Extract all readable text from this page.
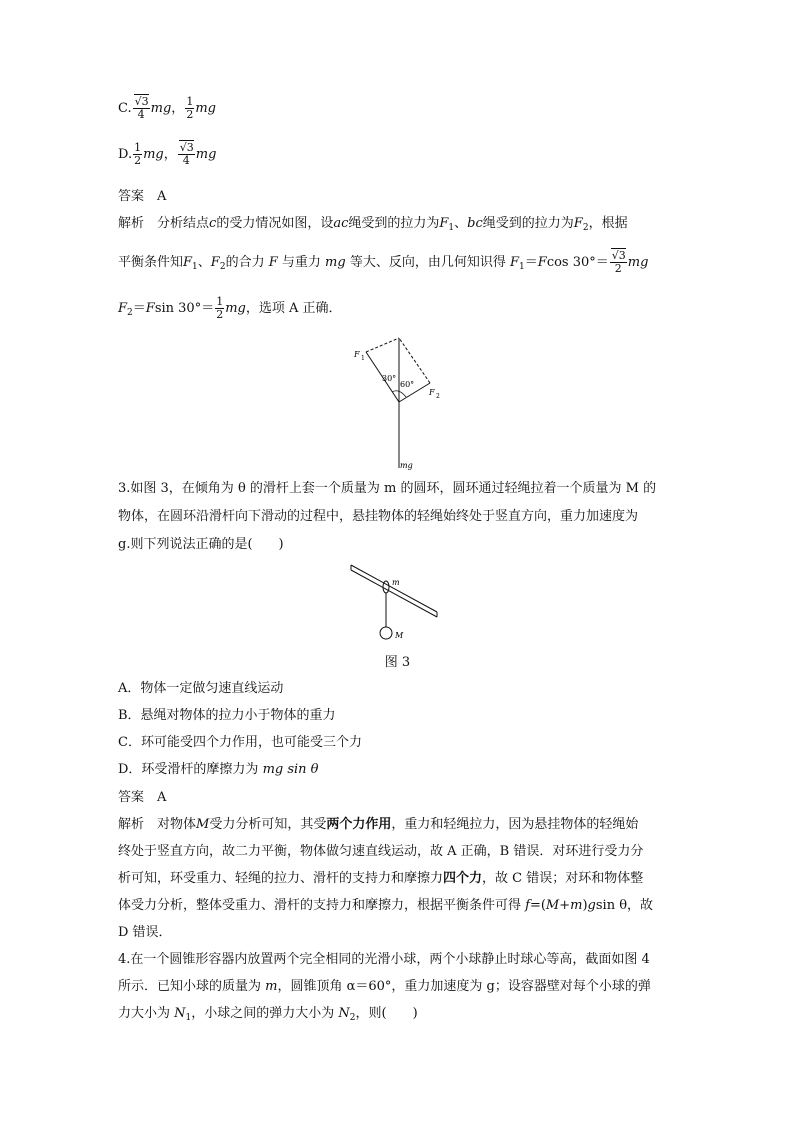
C. $\frac{√3}{4}$ mg， $\frac{1}{2}$ mg
D. $\frac{1}{2}$ mg， $\frac{√3}{4}$ mg
答案　 A
解析　 分析结点c的受力情况如图，设ac绳受到的拉力为$F_1$、bc绳受到的拉力为$F_2$，根据
平衡条件知$F_1$、$F_2$的合力 F 与重力 mg 等大、反向，由几何知识得 $F_1=Fcos$ $30^\circ= \frac{√3}{2}$ mg
$F_2=Fsin$ $30^\circ= \frac{1}{2}$ mg，选项 A 正确．
F 1
F 2
30°
60°
mg
3.如图 3，在倾角为 θ 的滑杆上套一个质量为 m 的圆环，圆环通过轻绳拉着一个质量为 M 的
物体，在圆环沿滑杆向下滑动的过程中，悬挂物体的轻绳始终处于竖直方向，重力加速度为
g.则下列说法正确的是(　　)
m
M
图 3
A．物体一定做匀速直线运动
B．悬绳对物体的拉力小于物体的重力
C．环可能受四个力作用，也可能受三个力
D．环受滑杆的摩擦力为 mg sin θ
答案　 A
解析　 对物体M受力分析可知，其受两个力作用，重力和轻绳拉力，因为悬挂物体的轻绳始
终处于竖直方向，故二力平衡，物体做匀速直线运动，故 A 正确，B 错误．对环进行受力分
析可知，环受重力、轻绳的拉力、滑杆的支持力和摩擦力四个力，故 C 错误；对环和物体整
体受力分析，整体受重力、滑杆的支持力和摩擦力，根据平衡条件可得 f=(M+m)gsin θ，故
D 错误．
4.在一个圆锥形容器内放置两个完全相同的光滑小球，两个小球静止时球心等高，截面如图 4
所示．已知小球的质量为 m，圆锥顶角 α＝60°，重力加速度为 g；设容器壁对每个小球的弹
力大小为 $N_1$，小球之间的弹力大小为 $N_2$，则(　　)
